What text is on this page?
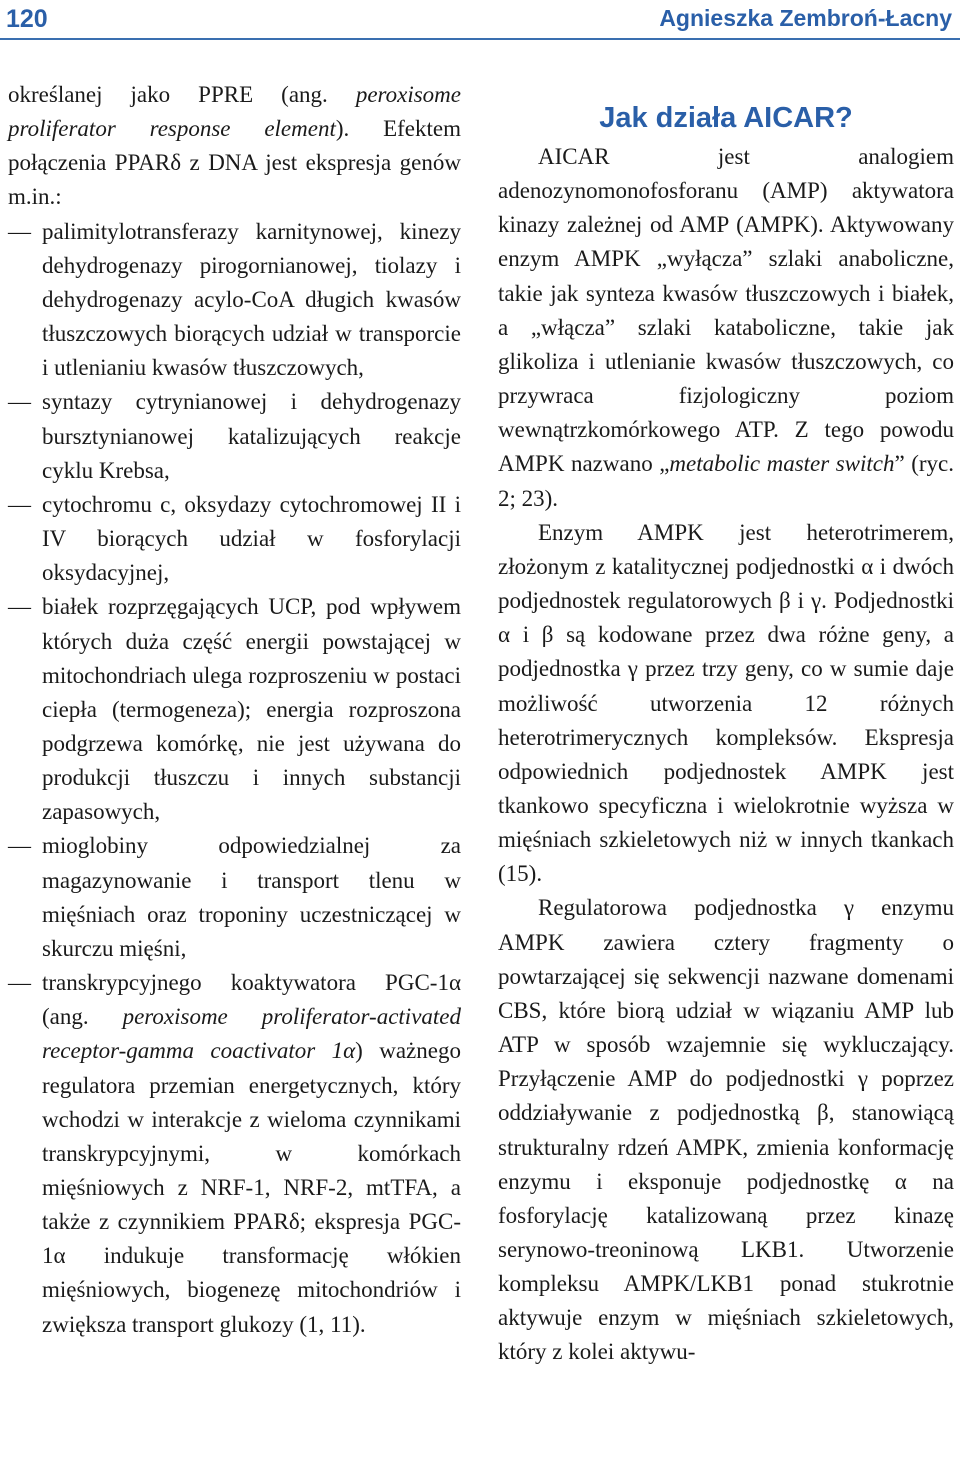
120	Agnieszka Zembroń-Łacny

określanej jako PPRE (ang. peroxisome proliferator response element). Efektem połączenia PPARδ z DNA jest ekspresja genów m.in.:

— palimitylotransferazy karnitynowej, kinezy dehydrogenazy pirogornianowej, tiolazy i dehydrogenazy acylo-CoA długich kwasów tłuszczowych biorących udział w transporcie i utlenianiu kwasów tłuszczowych,
— syntazy cytrynianowej i dehydrogenazy bursztynianowej katalizujących reakcje cyklu Krebsa,
— cytochromu c, oksydazy cytochromowej II i IV biorących udział w fosforylacji oksydacyjnej,
— białek rozprzęgających UCP, pod wpływem których duża część energii powstającej w mitochondriach ulega rozproszeniu w postaci ciepła (termogeneza); energia rozproszona podgrzewa komórkę, nie jest używana do produkcji tłuszczu i innych substancji zapasowych,
— mioglobiny odpowiedzialnej za magazynowanie i transport tlenu w mięśniach oraz troponiny uczestniczącej w skurczu mięśni,
— transkrypcyjnego koaktywatora PGC-1α (ang. peroxisome proliferator-activated receptor-gamma coactivator 1α) ważnego regulatora przemian energetycznych, który wchodzi w interakcje z wieloma czynnikami transkrypcyjnymi, w komórkach mięśniowych z NRF-1, NRF-2, mtTFA, a także z czynnikiem PPARδ; ekspresja PGC-1α indukuje transformację włókien mięśniowych, biogenezę mitochondriów i zwiększa transport glukozy (1, 11).
Jak działa AICAR?

AICAR jest analogiem adenozynomonofosforanu (AMP) aktywatora kinazy zależnej od AMP (AMPK). Aktywowany enzym AMPK „wyłącza” szlaki anaboliczne, takie jak synteza kwasów tłuszczowych i białek, a „włącza” szlaki kataboliczne, takie jak glikoliza i utlenianie kwasów tłuszczowych, co przywraca fizjologiczny poziom wewnątrzkomórkowego ATP. Z tego powodu AMPK nazwano „metabolic master switch” (ryc. 2; 23).

Enzym AMPK jest heterotrimerem, złożonym z katalitycznej podjednostki α i dwóch podjednostek regulatorowych β i γ. Podjednostki α i β są kodowane przez dwa różne geny, a podjednostka γ przez trzy geny, co w sumie daje możliwość utworzenia 12 różnych heterotrimerycznych kompleksów. Ekspresja odpowiednich podjednostek AMPK jest tkankowo specyficzna i wielokrotnie wyższa w mięśniach szkieletowych niż w innych tkankach (15).

Regulatorowa podjednostka γ enzymu AMPK zawiera cztery fragmenty o powtarzającej się sekwencji nazwane domenami CBS, które biorą udział w wiązaniu AMP lub ATP w sposób wzajemnie się wykluczający. Przyłączenie AMP do podjednostki γ poprzez oddziaływanie z podjednostką β, stanowiącą strukturalny rdzeń AMPK, zmienia konformację enzymu i eksponuje podjednostkę α na fosforylację katalizowaną przez kinazę serynowo-treoninową LKB1. Utworzenie kompleksu AMPK/LKB1 ponad stukrotnie aktywuje enzym w mięśniach szkieletowych, który z kolei aktywu-
